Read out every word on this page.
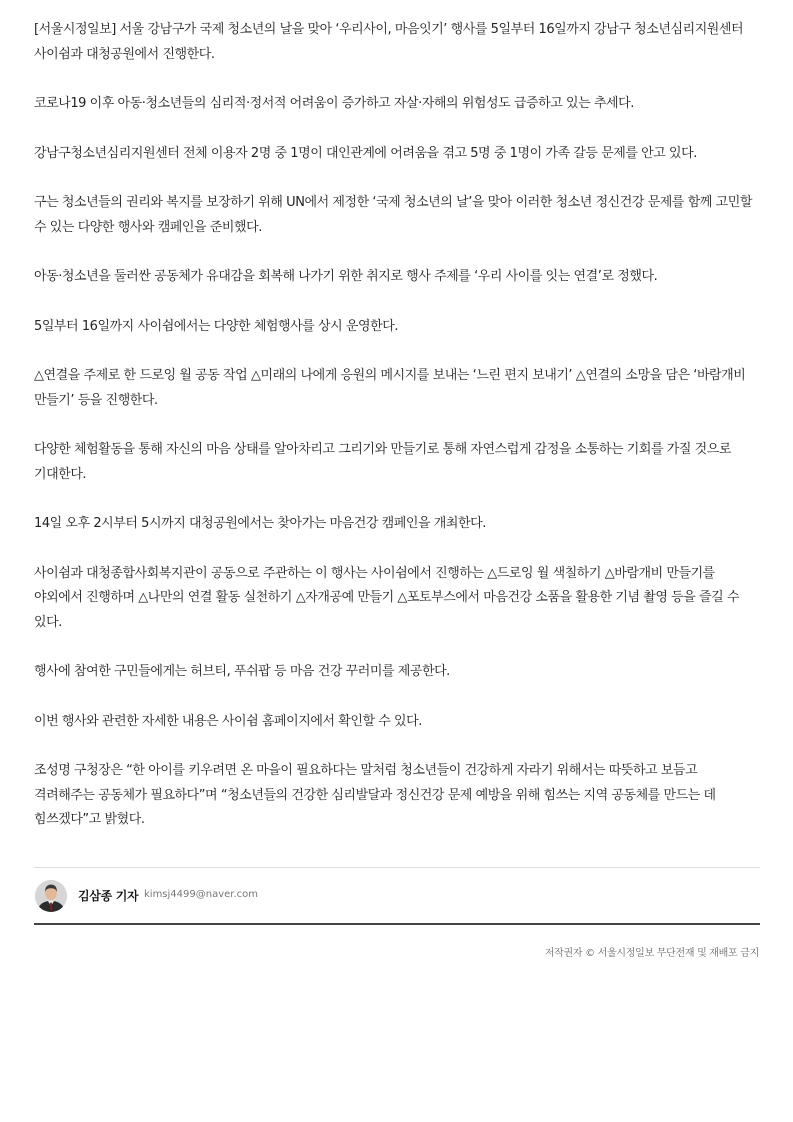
[서울시정일보] 서울 강남구가 국제 청소년의 날을 맞아 ‘우리사이, 마음잇기’ 행사를 5일부터 16일까지 강남구 청소년심리지원센터 사이쉼과 대청공원에서 진행한다.

코로나19 이후 아동·청소년들의 심리적·정서적 어려움이 증가하고 자살·자해의 위험성도 급증하고 있는 추세다.

강남구청소년심리지원센터 전체 이용자 2명 중 1명이 대인관계에 어려움을 겪고 5명 중 1명이 가족 갈등 문제를 안고 있다.

구는 청소년들의 권리와 복지를 보장하기 위해 UN에서 제정한 ‘국제 청소년의 날’을 맞아 이러한 청소년 정신건강 문제를 함께 고민할 수 있는 다양한 행사와 캠페인을 준비했다.

아동·청소년을 둘러싼 공동체가 유대감을 회복해 나가기 위한 취지로 행사 주제를 ‘우리 사이를 잇는 연결’로 정했다.

5일부터 16일까지 사이쉼에서는 다양한 체험행사를 상시 운영한다.

△연결을 주제로 한 드로잉 월 공동 작업 △미래의 나에게 응원의 메시지를 보내는 ‘느린 편지 보내기’ △연결의 소망을 담은 ‘바람개비 만들기’ 등을 진행한다.

다양한 체험활동을 통해 자신의 마음 상태를 알아차리고 그리기와 만들기로 통해 자연스럽게 감정을 소통하는 기회를 가질 것으로 기대한다.

14일 오후 2시부터 5시까지 대청공원에서는 찾아가는 마음건강 캠페인을 개최한다.

사이쉼과 대청종합사회복지관이 공동으로 주관하는 이 행사는 사이쉼에서 진행하는 △드로잉 월 색칠하기 △바람개비 만들기를 야외에서 진행하며 △나만의 연결 활동 실천하기 △자개공예 만들기 △포토부스에서 마음건강 소품을 활용한 기념 촬영 등을 즐길 수 있다.

행사에 참여한 구민들에게는 허브티, 푸쉬팝 등 마음 건강 꾸러미를 제공한다.

이번 행사와 관련한 자세한 내용은 사이쉼 홈페이지에서 확인할 수 있다.

조성명 구청장은 “한 아이를 키우려면 온 마을이 필요하다는 말처럼 청소년들이 건강하게 자라기 위해서는 따뜻하고 보듬고 격려해주는 공동체가 필요하다”며 “청소년들의 건강한 심리발달과 정신건강 문제 예방을 위해 힘쓰는 지역 공동체를 만드는 데 힘쓰겠다”고 밝혔다.

김삼종 기자 kimsj4499@naver.com
저작권자 © 서울시정일보 무단전재 및 재배포 금지
